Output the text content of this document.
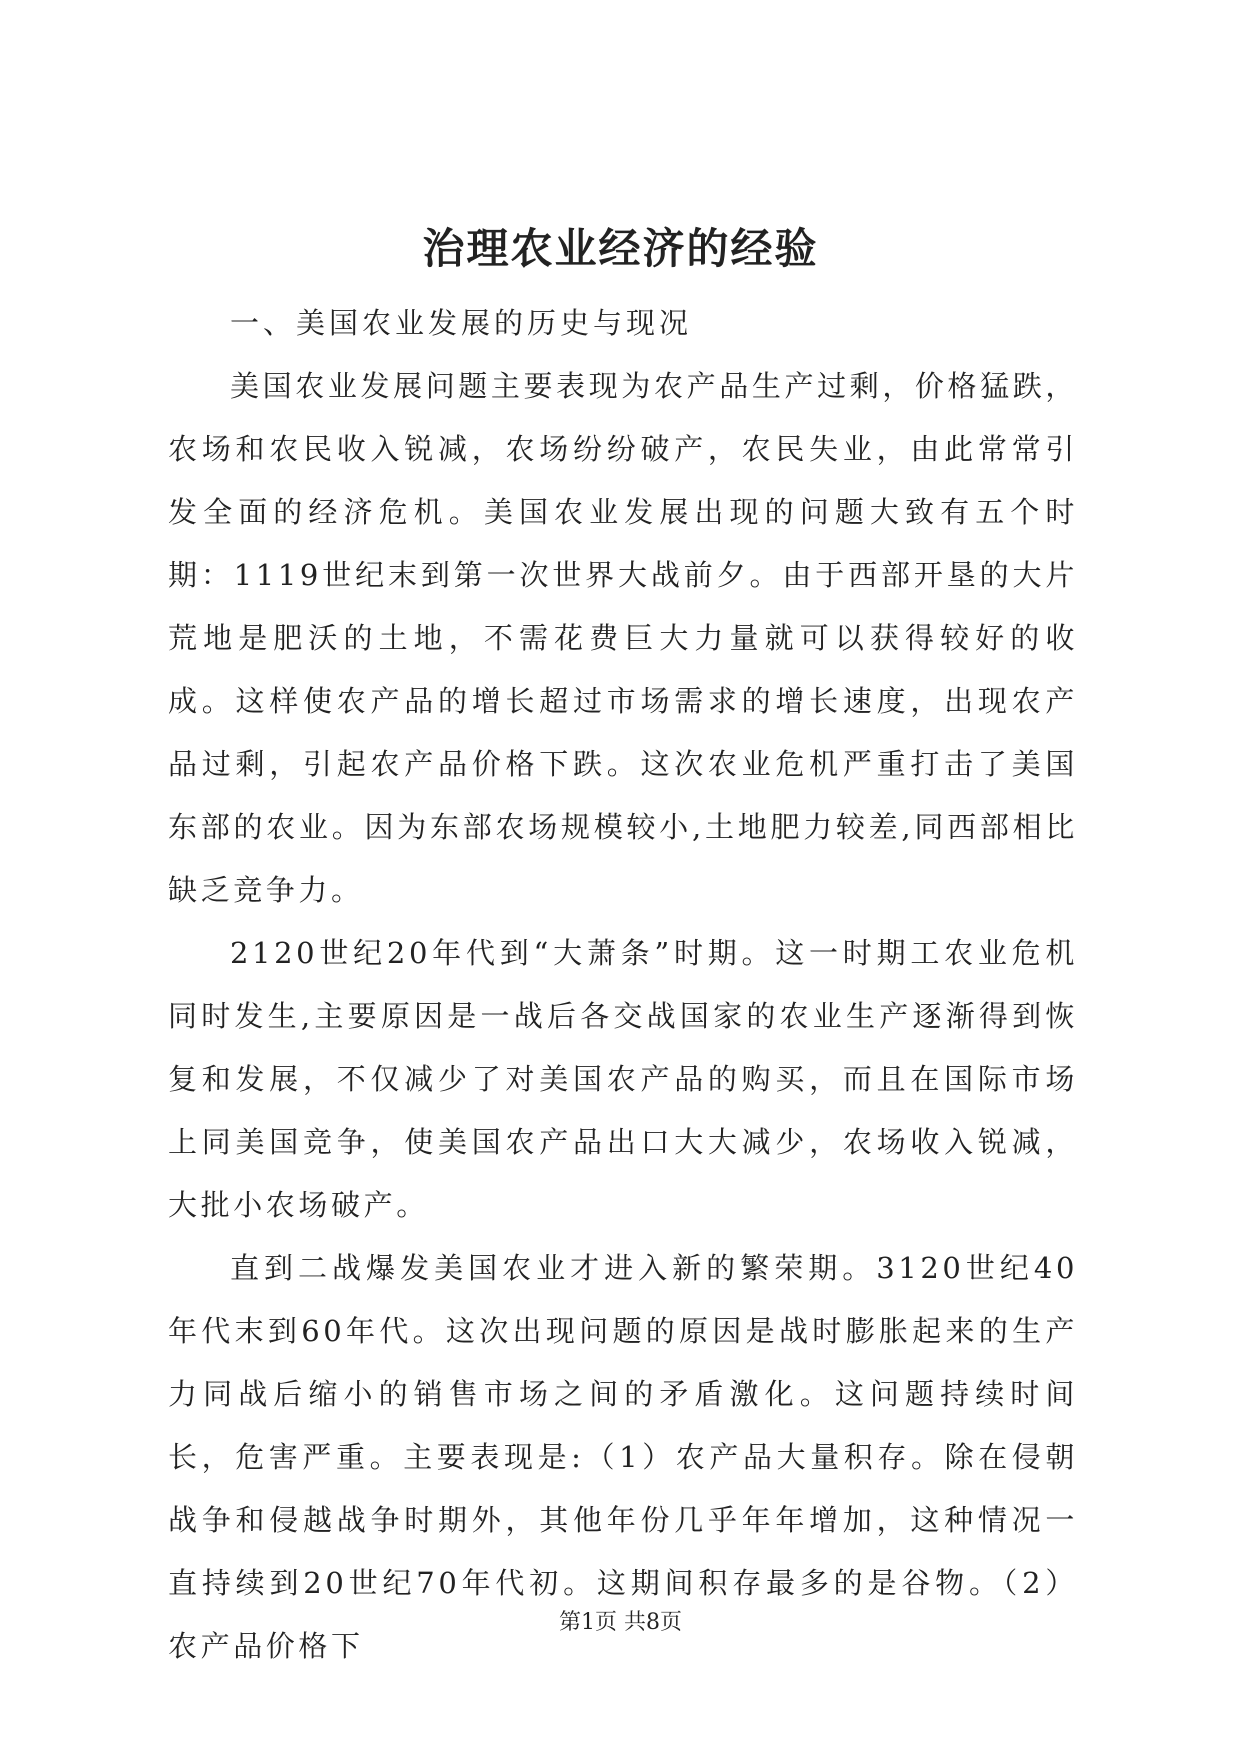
治理农业经济的经验
一、美国农业发展的历史与现况

美国农业发展问题主要表现为农产品生产过剩，价格猛跌，农场和农民收入锐减，农场纷纷破产，农民失业，由此常常引发全面的经济危机。美国农业发展出现的问题大致有五个时期：1119世纪末到第一次世界大战前夕。由于西部开垦的大片荒地是肥沃的土地，不需花费巨大力量就可以获得较好的收成。这样使农产品的增长超过市场需求的增长速度，出现农产品过剩，引起农产品价格下跌。这次农业危机严重打击了美国东部的农业。因为东部农场规模较小,土地肥力较差,同西部相比缺乏竞争力。

2120世纪20年代到“大萧条”时期。这一时期工农业危机同时发生,主要原因是一战后各交战国家的农业生产逐渐得到恢复和发展，不仅减少了对美国农产品的购买，而且在国际市场上同美国竞争，使美国农产品出口大大减少，农场收入锐减，大批小农场破产。

直到二战爆发美国农业才进入新的繁荣期。3120世纪40年代末到60年代。这次出现问题的原因是战时膨胀起来的生产力同战后缩小的销售市场之间的矛盾激化。这问题持续时间长，危害严重。主要表现是:（1）农产品大量积存。除在侵朝战争和侵越战争时期外，其他年份几乎年年增加，这种情况一直持续到20世纪70年代初。这期间积存最多的是谷物。（2）农产品价格下

第1页 共8页
